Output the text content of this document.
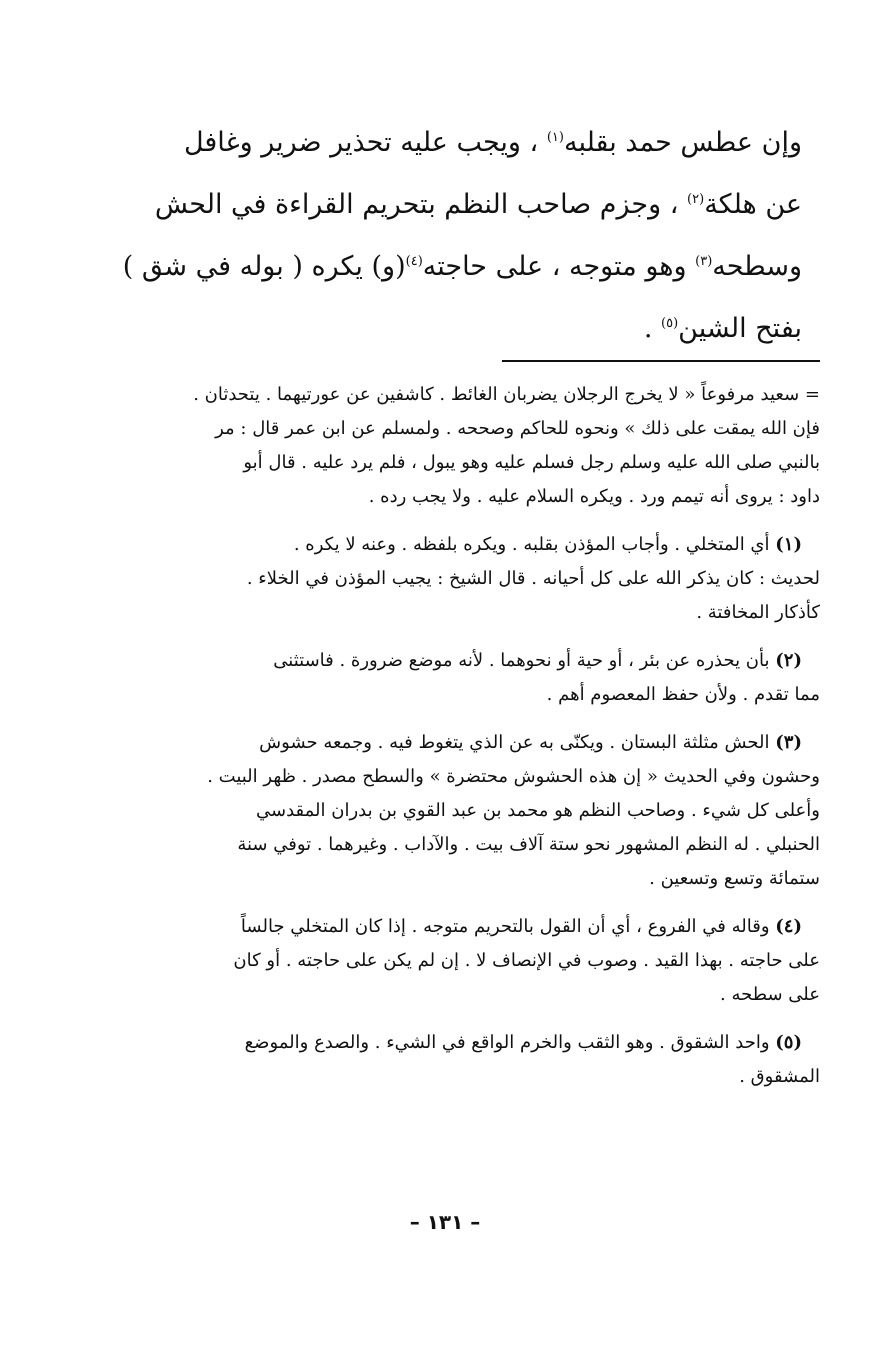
وإن عطس حمد بقلبه$^{(١)}$ ، ويجب عليه تحذير ضرير وغافل
عن هلكة$^{(٢)}$ ، وجزم صاحب النظم بتحريم القراءة في الحش
وسطحه$^{(٣)}$ وهو متوجه ، على حاجته$^{(٤)}$(و) يكره ( بوله في شق )
بفتح الشين$^{(٥)}$ .
= سعيد مرفوعاً « لا يخرج الرجلان يضربان الغائط . كاشفين عن عورتيهما . يتحدثان .
فإن الله يمقت على ذلك » ونحوه للحاكم وصححه . ولمسلم عن ابن عمر قال : مر
بالنبي صلى الله عليه وسلم رجل فسلم عليه وهو يبول ، فلم يرد عليه . قال أبو
داود : يروى أنه تيمم ورد . ويكره السلام عليه . ولا يجب رده .
(١) أي المتخلي . وأجاب المؤذن بقلبه . ويكره بلفظه . وعنه لا يكره .
لحديث : كان يذكر الله على كل أحيانه . قال الشيخ : يجيب المؤذن في الخلاء .
كأذكار المخافتة .
(٢) بأن يحذره عن بئر ، أو حية أو نحوهما . لأنه موضع ضرورة . فاستثنى
مما تقدم . ولأن حفظ المعصوم أهم .
(٣) الحش مثلثة البستان . ويكنّى به عن الذي يتغوط فيه . وجمعه حشوش
وحشون وفي الحديث « إن هذه الحشوش محتضرة » والسطح مصدر . ظهر البيت .
وأعلى كل شيء . وصاحب النظم هو محمد بن عبد القوي بن بدران المقدسي
الحنبلي . له النظم المشهور نحو ستة آلاف بيت . والآداب . وغيرهما . توفي سنة
ستمائة وتسع وتسعين .
(٤) وقاله في الفروع ، أي أن القول بالتحريم متوجه . إذا كان المتخلي جالساً
على حاجته . بهذا القيد . وصوب في الإنصاف لا . إن لم يكن على حاجته . أو كان
على سطحه .
(٥) واحد الشقوق . وهو الثقب والخرم الواقع في الشيء . والصدع والموضع
المشقوق .
– ١٣١ –
